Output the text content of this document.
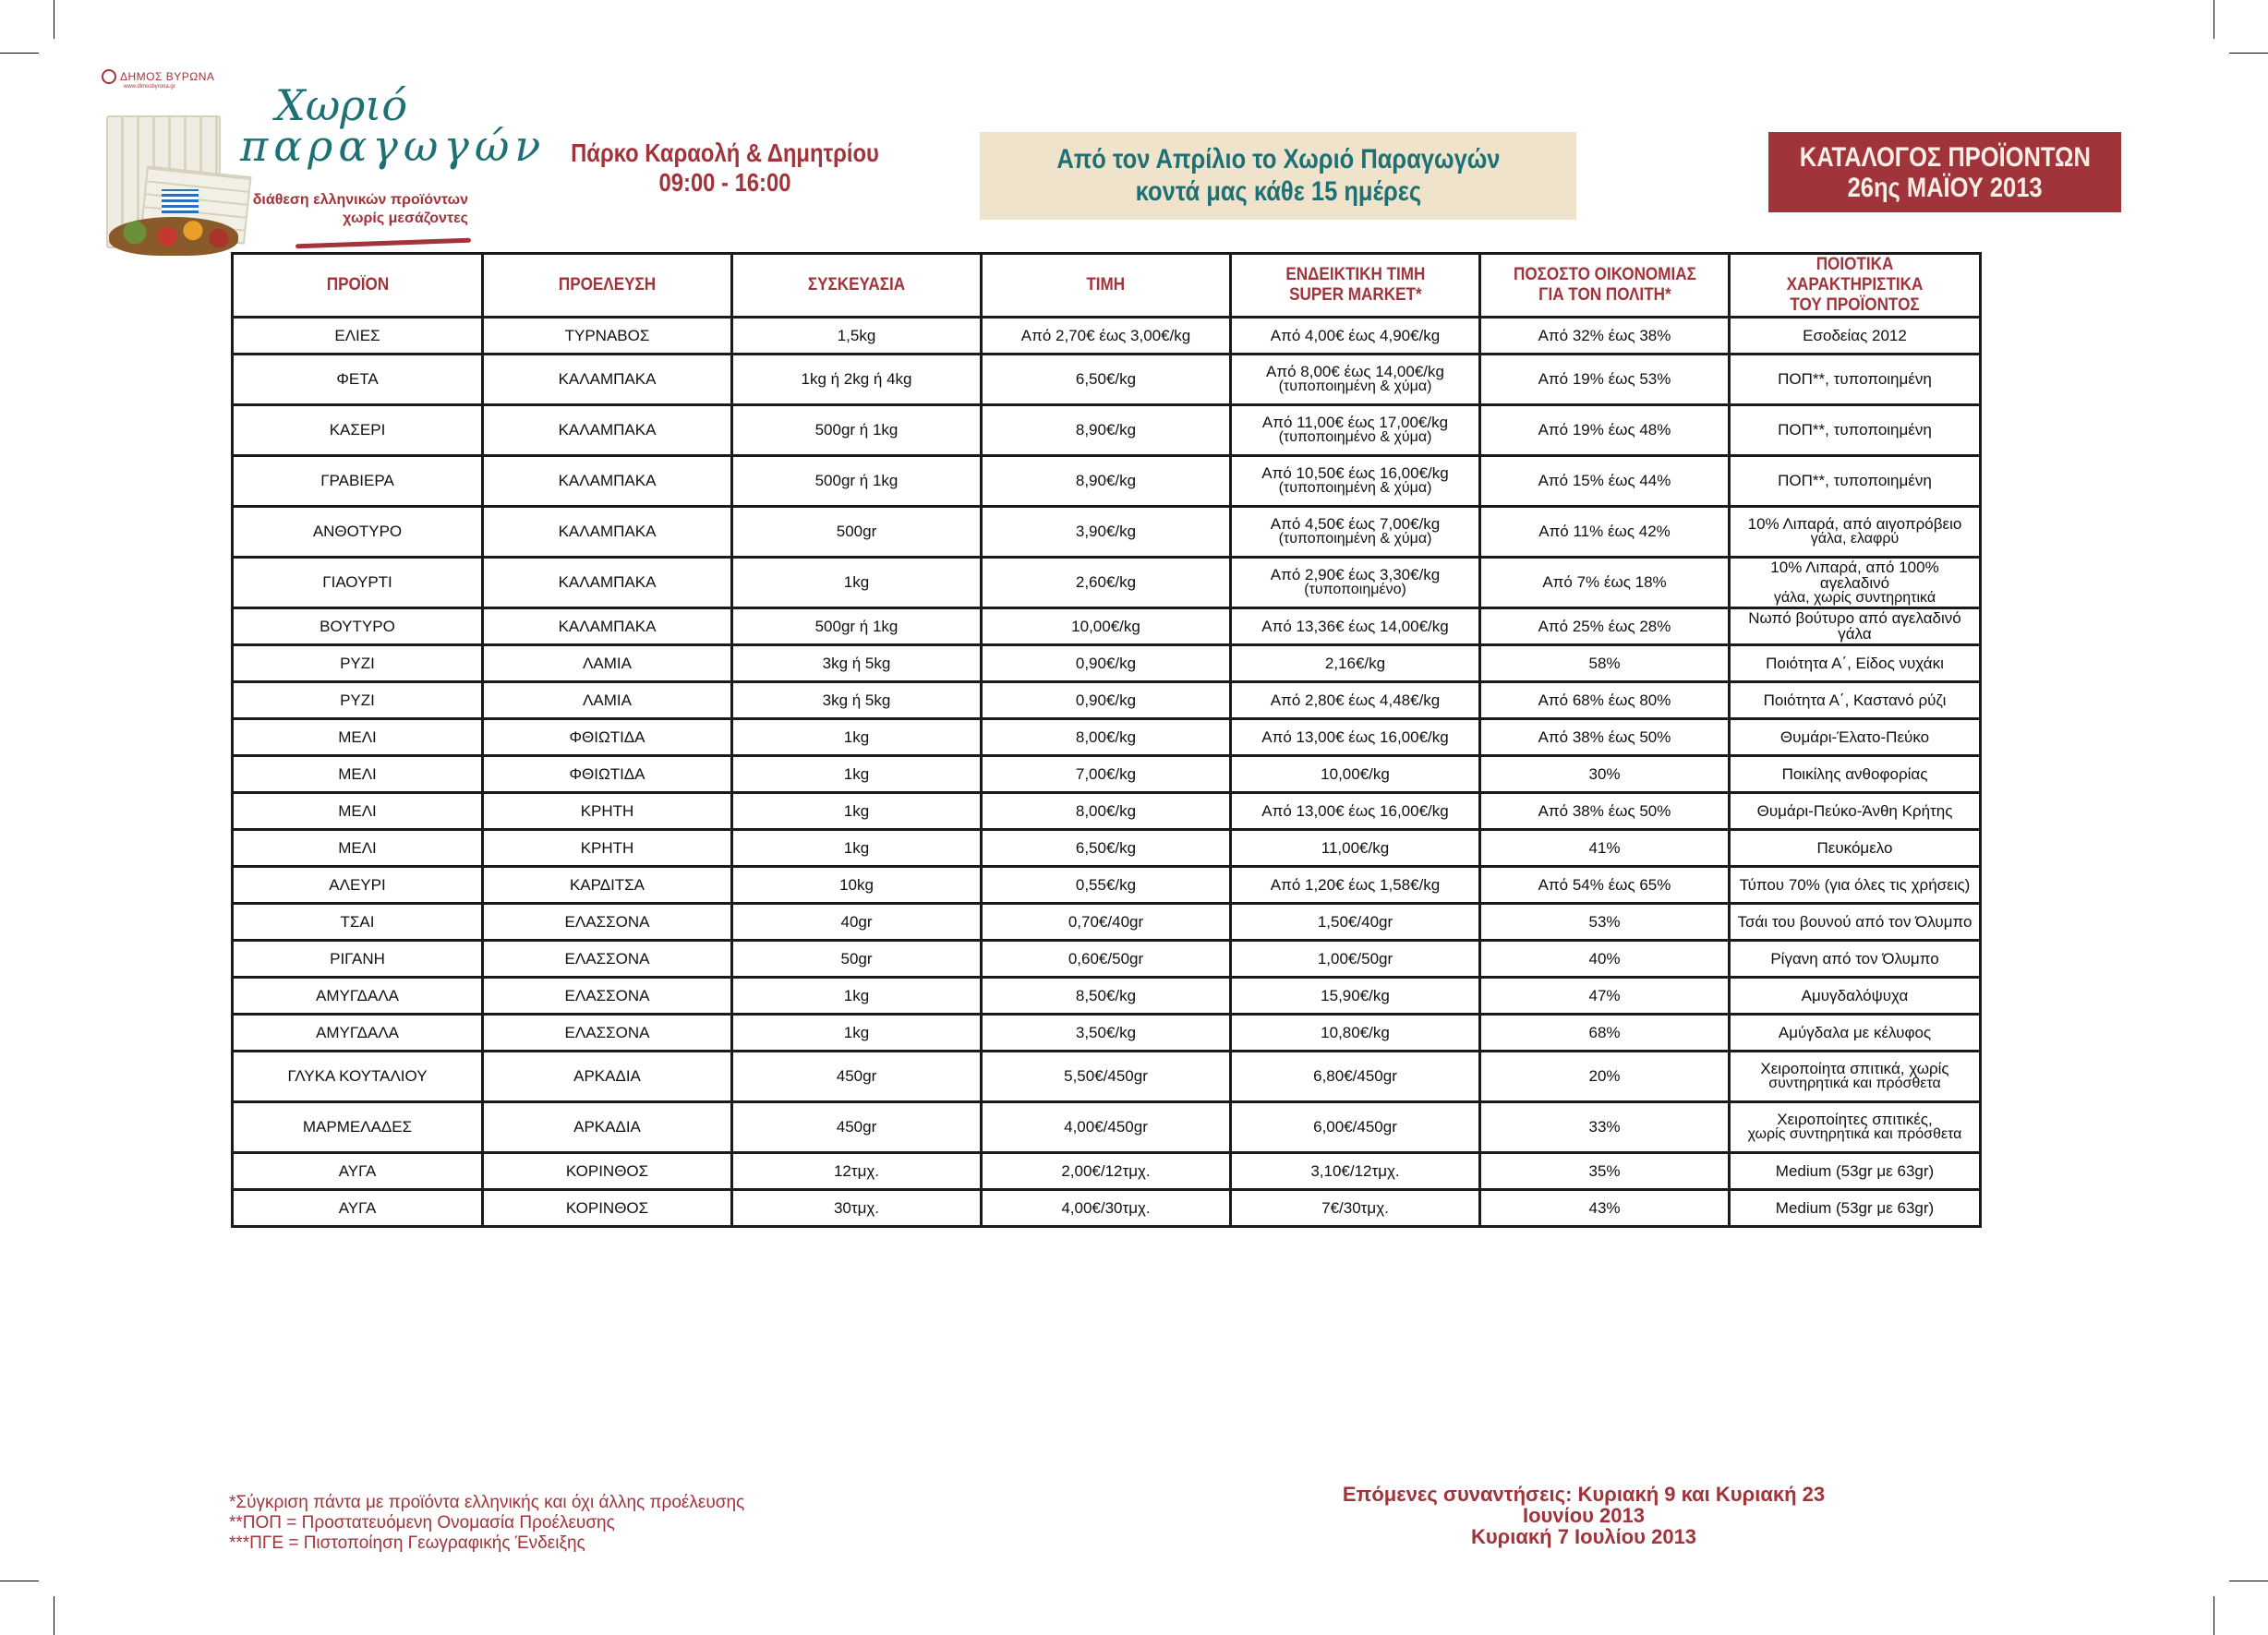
ΔΗΜΟΣ ΒΥΡΩΝΑ
www.dimosbyrona.gr	Χωριό
παραγωγών
διάθεση ελληνικών προϊόντων
χωρίς μεσάζοντες
Πάρκο Καραολή & Δημητρίου
09:00 - 16:00
Από τον Απρίλιο το Χωριό Παραγωγών
κοντά μας κάθε 15 ημέρες
ΚΑΤΑΛΟΓΟΣ ΠΡΟΪΟΝΤΩΝ
26ης ΜΑΪΟΥ 2013
ΠΡΟΪΟΝ	ΠΡΟΕΛΕΥΣΗ	ΣΥΣΚΕΥΑΣΙΑ	ΤΙΜΗ	ΕΝΔΕΙΚΤΙΚΗ ΤΙΜΗ
SUPER MARKET*	ΠΟΣΟΣΤΟ ΟΙΚΟΝΟΜΙΑΣ
ΓΙΑ ΤΟΝ ΠΟΛΙΤΗ*	ΠΟΙΟΤΙΚΑ ΧΑΡΑΚΤΗΡΙΣΤΙΚΑ
ΤΟΥ ΠΡΟΪΟΝΤΟΣ

ΕΛΙΕΣ	ΤΥΡΝΑΒΟΣ	1,5kg	Από 2,70€ έως 3,00€/kg	Από 4,00€ έως 4,90€/kg	Από 32% έως 38%	Εσοδείας 2012

ΦΕΤΑ	ΚΑΛΑΜΠΑΚΑ	1kg ή 2kg ή 4kg	6,50€/kg	Από 8,00€ έως 14,00€/kg
(τυποποιημένη & χύμα)	Από 19% έως 53%	ΠΟΠ**, τυποποιημένη

ΚΑΣΕΡΙ	ΚΑΛΑΜΠΑΚΑ	500gr ή 1kg	8,90€/kg	Από 11,00€ έως 17,00€/kg
(τυποποιημένο & χύμα)	Από 19% έως 48%	ΠΟΠ**, τυποποιημένη

ΓΡΑΒΙΕΡΑ	ΚΑΛΑΜΠΑΚΑ	500gr ή 1kg	8,90€/kg	Από 10,50€ έως 16,00€/kg
(τυποποιημένη & χύμα)	Από 15% έως 44%	ΠΟΠ**, τυποποιημένη

ΑΝΘΟΤΥΡΟ	ΚΑΛΑΜΠΑΚΑ	500gr	3,90€/kg	Από 4,50€ έως 7,00€/kg
(τυποποιημένη & χύμα)	Από 11% έως 42%	10% Λιπαρά, από αιγοπρόβειο
γάλα, ελαφρύ

ΓΙΑΟΥΡΤΙ	ΚΑΛΑΜΠΑΚΑ	1kg	2,60€/kg	Από 2,90€ έως 3,30€/kg
(τυποποιημένο)	Από 7% έως 18%	10% Λιπαρά, από 100% αγελαδινό
γάλα, χωρίς συντηρητικά

ΒΟΥΤΥΡΟ	ΚΑΛΑΜΠΑΚΑ	500gr ή 1kg	10,00€/kg	Από 13,36€ έως 14,00€/kg	Από 25% έως 28%	Νωπό βούτυρο από αγελαδινό γάλα

ΡΥΖΙ	ΛΑΜΙΑ	3kg ή 5kg	0,90€/kg	2,16€/kg	58%	Ποιότητα Α΄, Είδος νυχάκι

ΡΥΖΙ	ΛΑΜΙΑ	3kg ή 5kg	0,90€/kg	Από 2,80€ έως 4,48€/kg	Από 68% έως 80%	Ποιότητα Α΄, Καστανό ρύζι

ΜΕΛΙ	ΦΘΙΩΤΙΔΑ	1kg	8,00€/kg	Από 13,00€ έως 16,00€/kg	Από 38% έως 50%	Θυμάρι-Έλατο-Πεύκο

ΜΕΛΙ	ΦΘΙΩΤΙΔΑ	1kg	7,00€/kg	10,00€/kg	30%	Ποικίλης ανθοφορίας

ΜΕΛΙ	ΚΡΗΤΗ	1kg	8,00€/kg	Από 13,00€ έως 16,00€/kg	Από 38% έως 50%	Θυμάρι-Πεύκο-Άνθη Κρήτης

ΜΕΛΙ	ΚΡΗΤΗ	1kg	6,50€/kg	11,00€/kg	41%	Πευκόμελο

ΑΛΕΥΡΙ	ΚΑΡΔΙΤΣΑ	10kg	0,55€/kg	Από 1,20€ έως 1,58€/kg	Από 54% έως 65%	Τύπου 70% (για όλες τις χρήσεις)

ΤΣΑΙ	ΕΛΑΣΣΟΝΑ	40gr	0,70€/40gr	1,50€/40gr	53%	Τσάι του βουνού από τον Όλυμπο

ΡΙΓΑΝΗ	ΕΛΑΣΣΟΝΑ	50gr	0,60€/50gr	1,00€/50gr	40%	Ρίγανη από τον Όλυμπο

ΑΜΥΓΔΑΛΑ	ΕΛΑΣΣΟΝΑ	1kg	8,50€/kg	15,90€/kg	47%	Αμυγδαλόψυχα

ΑΜΥΓΔΑΛΑ	ΕΛΑΣΣΟΝΑ	1kg	3,50€/kg	10,80€/kg	68%	Αμύγδαλα με κέλυφος

ΓΛΥΚΑ ΚΟΥΤΑΛΙΟΥ	ΑΡΚΑΔΙΑ	450gr	5,50€/450gr	6,80€/450gr	20%	Χειροποίητα σπιτικά, χωρίς
συντηρητικά και πρόσθετα

ΜΑΡΜΕΛΑΔΕΣ	ΑΡΚΑΔΙΑ	450gr	4,00€/450gr	6,00€/450gr	33%	Χειροποίητες σπιτικές,
χωρίς συντηρητικά και πρόσθετα

ΑΥΓΑ	ΚΟΡΙΝΘΟΣ	12τμχ.	2,00€/12τμχ.	3,10€/12τμχ.	35%	Medium (53gr με 63gr)

ΑΥΓΑ	ΚΟΡΙΝΘΟΣ	30τμχ.	4,00€/30τμχ.	7€/30τμχ.	43%	Medium (53gr με 63gr)
*Σύγκριση πάντα με προϊόντα ελληνικής και όχι άλλης προέλευσης
**ΠΟΠ = Προστατευόμενη Ονομασία Προέλευσης
***ΠΓΕ = Πιστοποίηση Γεωγραφικής Ένδειξης
Επόμενες συναντήσεις: Κυριακή 9 και Κυριακή 23 Ιουνίου 2013
Κυριακή 7 Ιουλίου 2013
